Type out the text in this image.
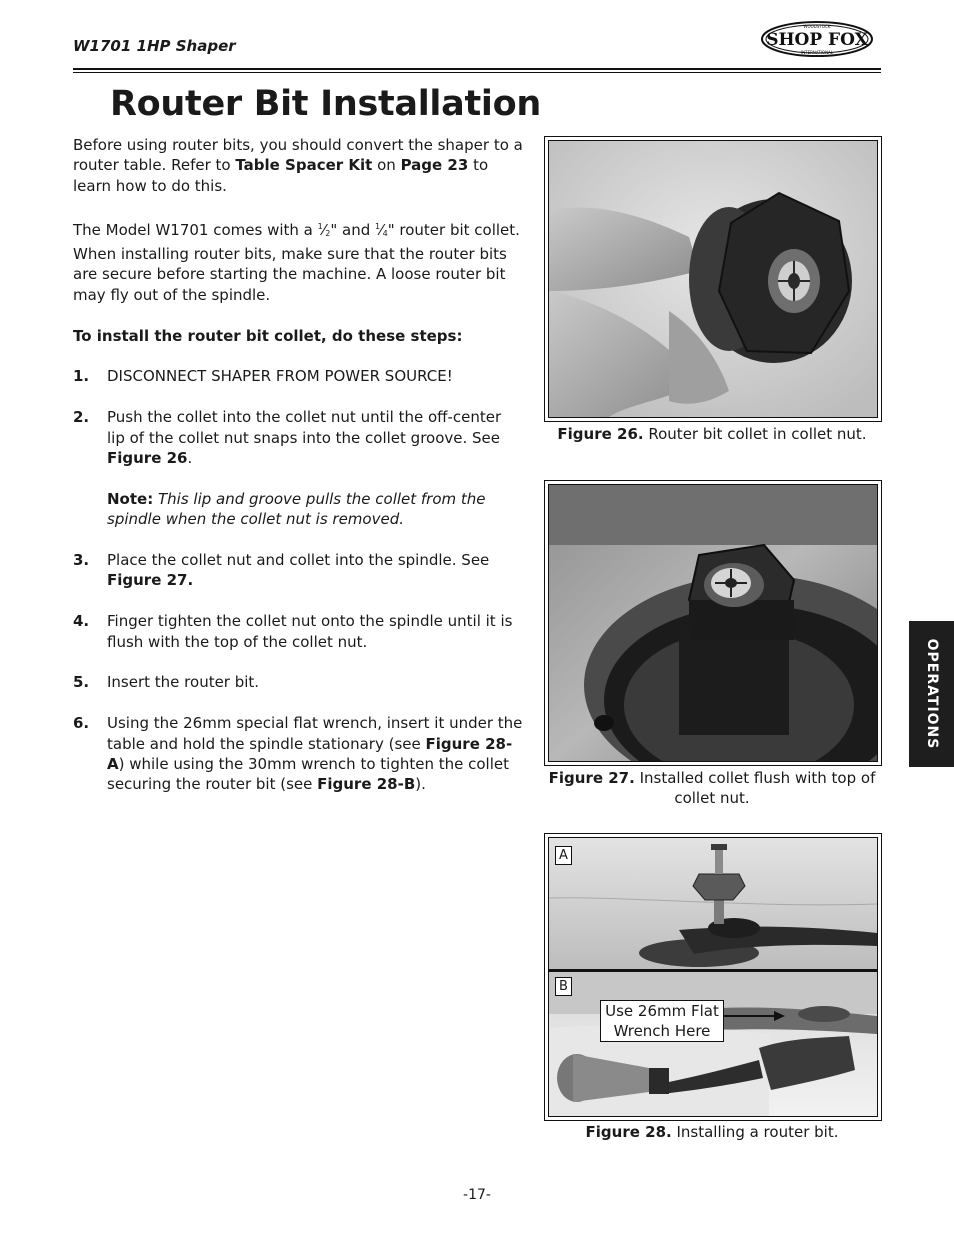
W1701 1HP Shaper	SHOP FOX
WOODSTOCK
INTERNATIONAL
Router Bit Installation

Before using router bits, you should convert the shaper to a router table. Refer to Table Spacer Kit on Page 23 to learn how to do this.

The Model W1701 comes with a $^1⁄_2$" and $^1⁄_4$" router bit collet. When installing router bits, make sure that the router bits are secure before starting the machine. A loose router bit may fly out of the spindle.

To install the router bit collet, do these steps:

1. DISCONNECT SHAPER FROM POWER SOURCE!
2. Push the collet into the collet nut until the off-center lip of the collet nut snaps into the collet groove. See Figure 26.
Note: This lip and groove pulls the collet from the spindle when the collet nut is removed.
3. Place the collet nut and collet into the spindle. See Figure 27.
4. Finger tighten the collet nut onto the spindle until it is flush with the top of the collet nut.
5. Insert the router bit.
6. Using the 26mm special flat wrench, insert it under the table and hold the spindle stationary (see Figure 28-A) while using the 30mm wrench to tighten the collet securing the router bit (see Figure 28-B).
Figure 26. Router bit collet in collet nut.
Figure 27. Installed collet flush with top of collet nut.
A
B
Use 26mm Flat
Wrench Here
Figure 28. Installing a router bit.
OPERATIONS
-17-
